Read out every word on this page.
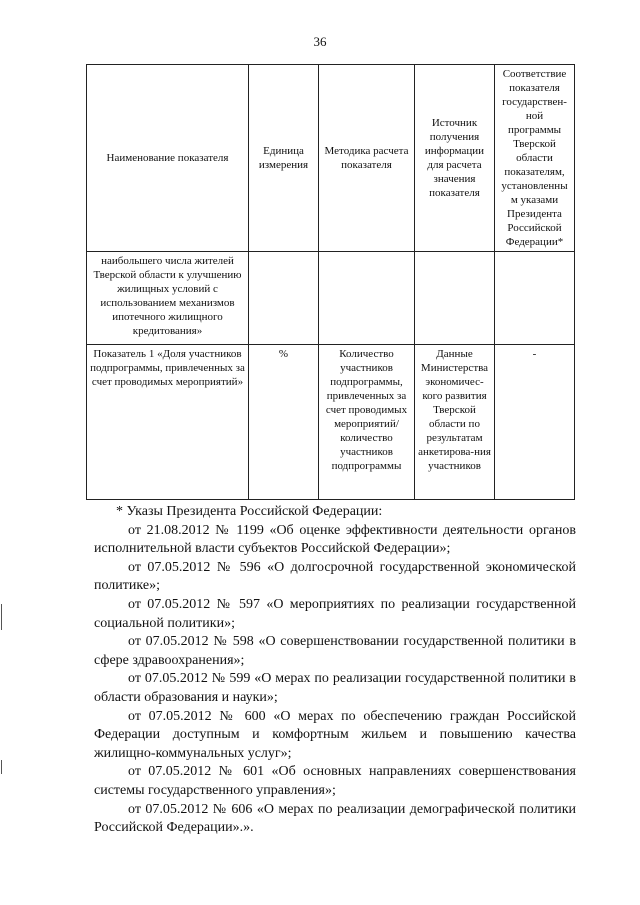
36
Наименование показателя	Единица измерения	Методика расчета показателя	Источник получения информации для расчета значения показателя	Соответствие показателя государствен-ной программы Тверской области показателям, установленным указами Президента Российской Федерации*
наибольшего числа жителей Тверской области к улучшению жилищных условий с использованием механизмов ипотечного жилищного кредитования»				
Показатель 1 «Доля участников подпрограммы, привлеченных за счет проводимых мероприятий»	%	Количество участников подпрограммы, привлеченных за счет проводимых мероприятий/ количество участников подпрограммы	Данные Министерства экономичес-кого развития Тверской области по результатам анкетирова-ния участников	-

* Указы Президента Российской Федерации:

от 21.08.2012 № 1199 «Об оценке эффективности деятельности органов исполнительной власти субъектов Российской Федерации»;

от 07.05.2012 № 596 «О долгосрочной государственной экономической политике»;

от 07.05.2012 № 597 «О мероприятиях по реализации государственной социальной политики»;

от 07.05.2012 № 598 «О совершенствовании государственной политики в сфере здравоохранения»;

от 07.05.2012 № 599 «О мерах по реализации государственной политики в области образования и науки»;

от 07.05.2012 № 600 «О мерах по обеспечению граждан Российской Федерации доступным и комфортным жильем и повышению качества жилищно-коммунальных услуг»;

от 07.05.2012 № 601 «Об основных направлениях совершенствования системы государственного управления»;

от 07.05.2012 № 606 «О мерах по реализации демографической политики Российской Федерации».».
